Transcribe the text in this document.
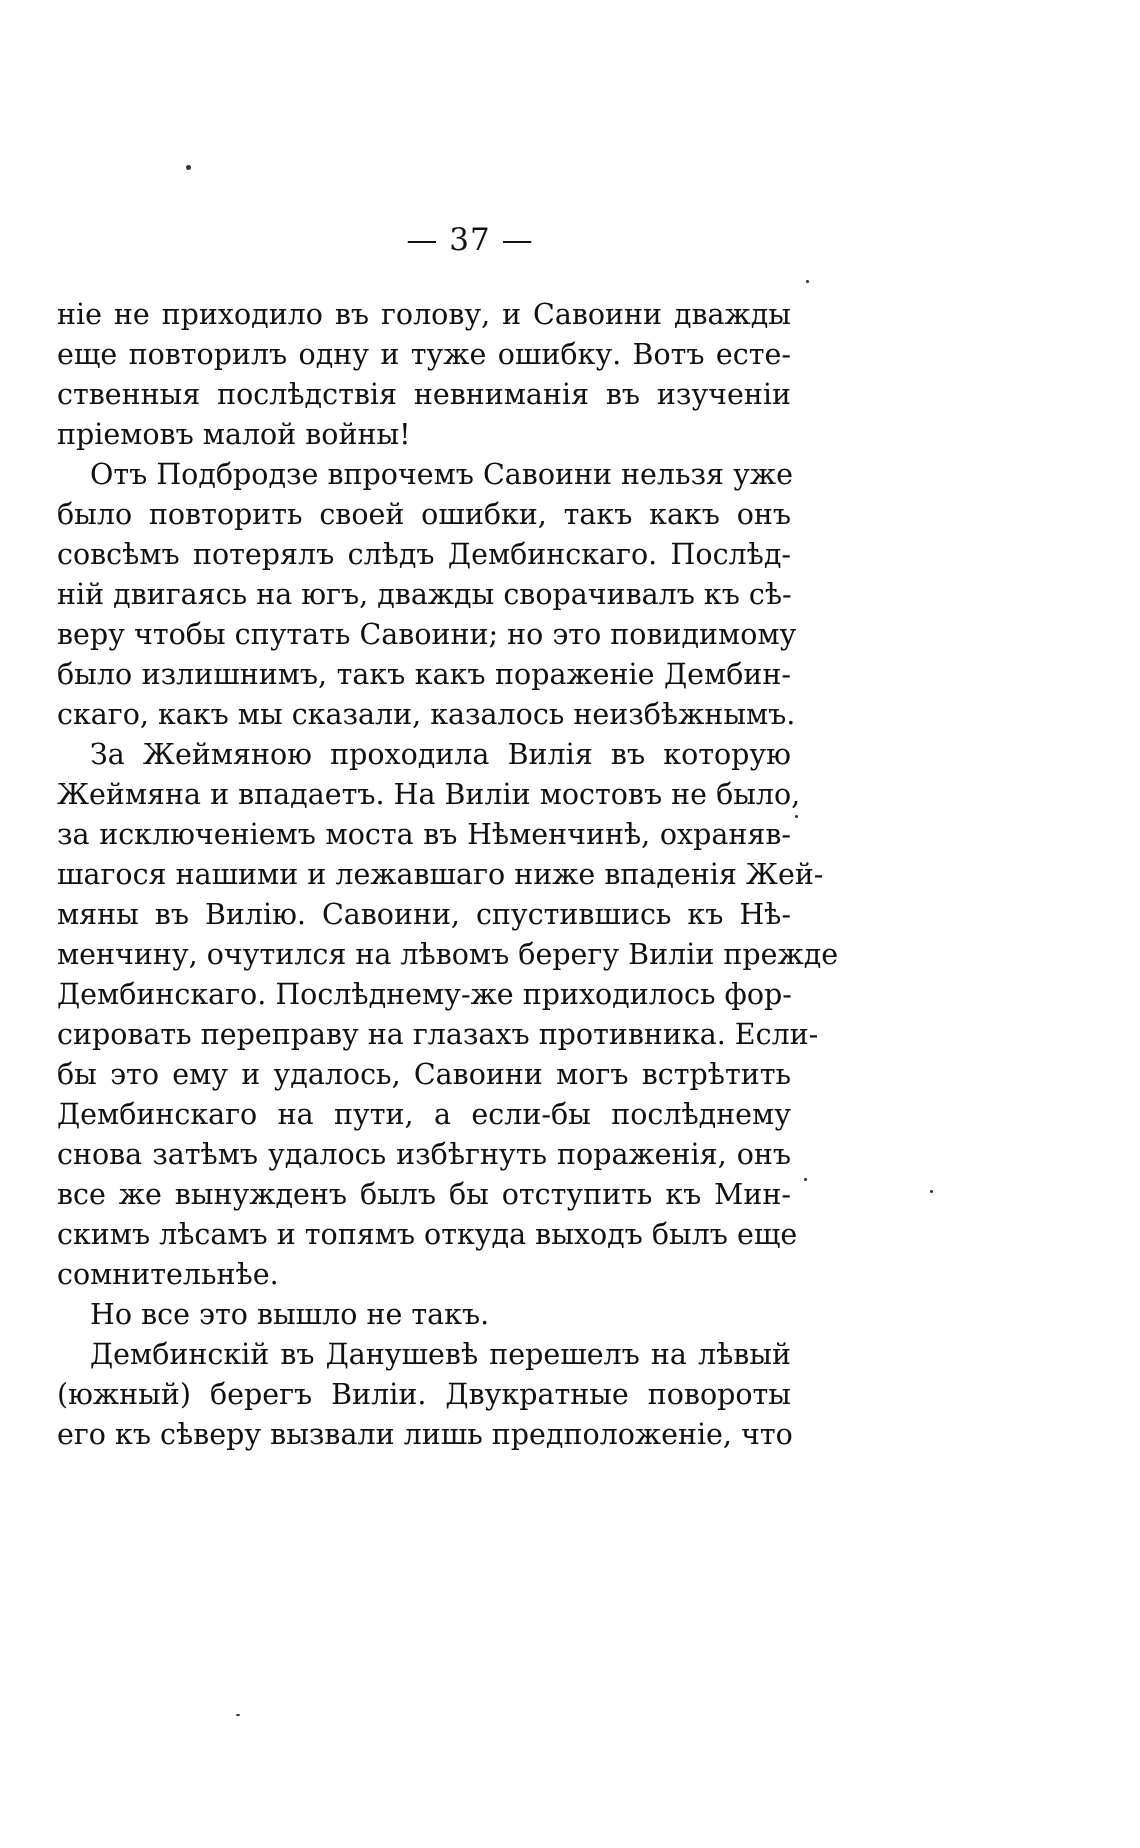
— 37 —
ніе не приходило въ голову, и Савоини дважды
еще повторилъ одну и туже ошибку. Вотъ есте-
ственныя послѣдствія невниманія въ изученіи
пріемовъ малой войны!
Отъ Подбродзе впрочемъ Савоини нельзя уже
было повторить своей ошибки, такъ какъ онъ
совсѣмъ потерялъ слѣдъ Дембинскаго. Послѣд-
ній двигаясь на югъ, дважды сворачивалъ къ сѣ-
веру чтобы спутать Савоини; но это повидимому
было излишнимъ, такъ какъ пораженіе Дембин-
скаго, какъ мы сказали, казалось неизбѣжнымъ.
За Жеймяною проходила Вилія въ которую
Жеймяна и впадаетъ. На Виліи мостовъ не было,
за исключеніемъ моста въ Нѣменчинѣ, охраняв-
шагося нашими и лежавшаго ниже впаденія Жей-
мяны въ Вилію. Савоини, спустившись къ Нѣ-
менчину, очутился на лѣвомъ берегу Виліи прежде
Дембинскаго. Послѣднему-же приходилось фор-
сировать переправу на глазахъ противника. Если-
бы это ему и удалось, Савоини могъ встрѣтить
Дембинскаго на пути, а если-бы послѣднему
снова затѣмъ удалось избѣгнуть пораженія, онъ
все же вынужденъ былъ бы отступить къ Мин-
скимъ лѣсамъ и топямъ откуда выходъ былъ еще
сомнительнѣе.
Но все это вышло не такъ.
Дембинскій въ Данушевѣ перешелъ на лѣвый
(южный) берегъ Виліи. Двукратные повороты
его къ сѣверу вызвали лишь предположеніе, что
